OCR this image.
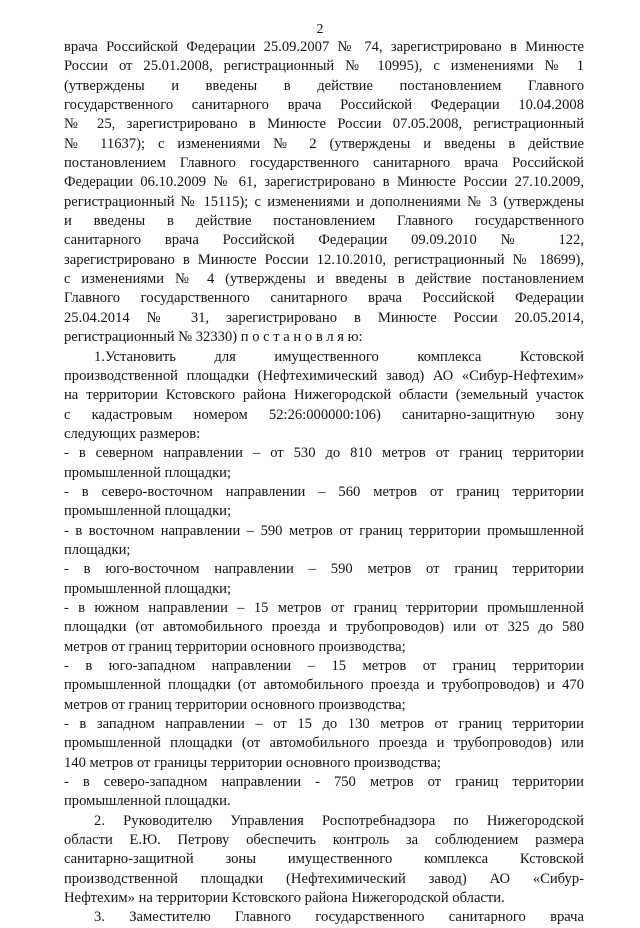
2
врача Российской Федерации 25.09.2007 № 74, зарегистрировано в Минюсте
России от 25.01.2008, регистрационный № 10995), с изменениями № 1
(утверждены и введены в действие постановлением Главного
государственного санитарного врача Российской Федерации 10.04.2008
№ 25, зарегистрировано в Минюсте России 07.05.2008, регистрационный
№ 11637); с изменениями № 2 (утверждены и введены в действие
постановлением Главного государственного санитарного врача Российской
Федерации 06.10.2009 № 61, зарегистрировано в Минюсте России 27.10.2009,
регистрационный № 15115); с изменениями и дополнениями № 3 (утверждены
и введены в действие постановлением Главного государственного
санитарного врача Российской Федерации 09.09.2010 № 122,
зарегистрировано в Минюсте России 12.10.2010, регистрационный № 18699),
с изменениями № 4 (утверждены и введены в действие постановлением
Главного государственного санитарного врача Российской Федерации
25.04.2014 № 31, зарегистрировано в Минюсте России 20.05.2014,
регистрационный № 32330) п о с т а н о в л я ю:
1.Установить для имущественного комплекса Кстовской
производственной площадки (Нефтехимический завод) АО «Сибур-Нефтехим»
на территории Кстовского района Нижегородской области (земельный участок
с кадастровым номером 52:26:000000:106) санитарно-защитную зону
следующих размеров:
- в северном направлении – от 530 до 810 метров от границ территории
промышленной площадки;
- в северо-восточном направлении – 560 метров от границ территории
промышленной площадки;
- в восточном направлении – 590 метров от границ территории промышленной
площадки;
- в юго-восточном направлении – 590 метров от границ территории
промышленной площадки;
- в южном направлении – 15 метров от границ территории промышленной
площадки (от автомобильного проезда и трубопроводов) или от 325 до 580
метров от границ территории основного производства;
- в юго-западном направлении – 15 метров от границ территории
промышленной площадки (от автомобильного проезда и трубопроводов) и 470
метров от границ территории основного производства;
- в западном направлении – от 15 до 130 метров от границ территории
промышленной площадки (от автомобильного проезда и трубопроводов) или
140 метров от границы территории основного производства;
- в северо-западном направлении - 750 метров от границ территории
промышленной площадки.
2. Руководителю Управления Роспотребнадзора по Нижегородской
области Е.Ю. Петрову обеспечить контроль за соблюдением размера
санитарно-защитной зоны имущественного комплекса Кстовской
производственной площадки (Нефтехимический завод) АО «Сибур-
Нефтехим» на территории Кстовского района Нижегородской области.
3. Заместителю Главного государственного санитарного врача
